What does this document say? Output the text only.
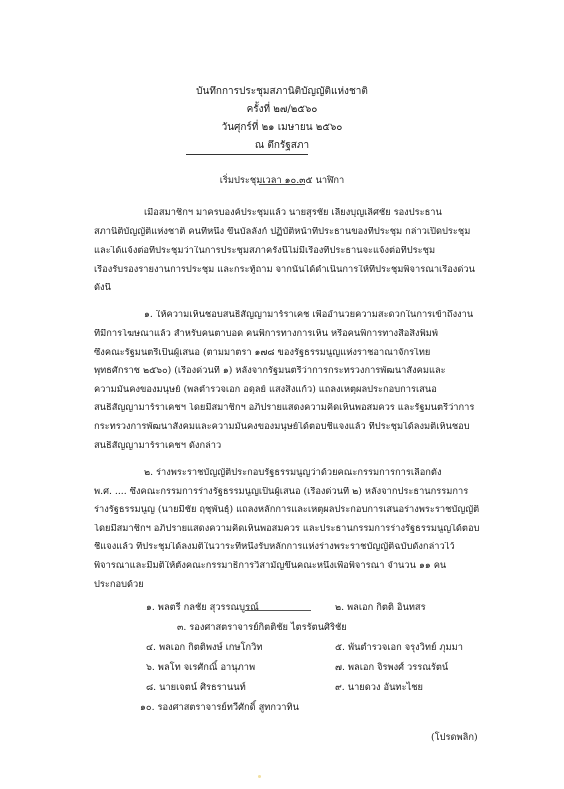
บันทึกการประชุมสภานิติบัญญัติแห่งชาติ
ครั้งที่ ๒๗/๒๕๖๐
วันศุกร์ที่ ๒๑ เมษายน ๒๕๖๐
ณ ตึกรัฐสภา
เริ่มประชุมเวลา ๑๐.๓๕ นาฬิกา
เมื่อสมาชิกฯ มาครบองค์ประชุมแล้ว นายสุรชัย เลี้ยงบุญเลิศชัย รองประธาน
สภานิติบัญญัติแห่งชาติ คนที่หนึ่ง ขึ้นบัลลังก์ ปฏิบัติหน้าที่ประธานของที่ประชุม กล่าวเปิดประชุม
และได้แจ้งต่อที่ประชุมว่าในการประชุมสภาครั้งนี้ไม่มีเรื่องที่ประธานจะแจ้งต่อที่ประชุม
เรื่องรับรองรายงานการประชุม และกระทู้ถาม จากนั้นได้ดำเนินการให้ที่ประชุมพิจารณาเรื่องด่วน
ดังนี้
๑. ให้ความเห็นชอบสนธิสัญญามาร์ราเคช เพื่ออำนวยความสะดวกในการเข้าถึงงาน
ที่มีการโฆษณาแล้ว สำหรับคนตาบอด คนพิการทางการเห็น หรือคนพิการทางสื่อสิ่งพิมพ์
ซึ่งคณะรัฐมนตรีเป็นผู้เสนอ (ตามมาตรา ๑๗๘ ของรัฐธรรมนูญแห่งราชอาณาจักรไทย
พุทธศักราช ๒๕๖๐) (เรื่องด่วนที่ ๑) หลังจากรัฐมนตรีว่าการกระทรวงการพัฒนาสังคมและ
ความมั่นคงของมนุษย์ (พลตำรวจเอก อดุลย์ แสงสิงแก้ว) แถลงเหตุผลประกอบการเสนอ
สนธิสัญญามาร์ราเคชฯ โดยมีสมาชิกฯ อภิปรายแสดงความคิดเห็นพอสมควร และรัฐมนตรีว่าการ
กระทรวงการพัฒนาสังคมและความมั่นคงของมนุษย์ได้ตอบชี้แจงแล้ว ที่ประชุมได้ลงมติเห็นชอบ
สนธิสัญญามาร์ราเคชฯ ดังกล่าว
๒. ร่างพระราชบัญญัติประกอบรัฐธรรมนูญว่าด้วยคณะกรรมการการเลือกตั้ง
พ.ศ. .... ซึ่งคณะกรรมการร่างรัฐธรรมนูญเป็นผู้เสนอ (เรื่องด่วนที่ ๒) หลังจากประธานกรรมการ
ร่างรัฐธรรมนูญ (นายมีชัย ฤชุพันธุ์) แถลงหลักการและเหตุผลประกอบการเสนอร่างพระราชบัญญัติ
โดยมีสมาชิกฯ อภิปรายแสดงความคิดเห็นพอสมควร และประธานกรรมการร่างรัฐธรรมนูญได้ตอบ
ชี้แจงแล้ว ที่ประชุมได้ลงมติในวาระที่หนึ่งรับหลักการแห่งร่างพระราชบัญญัติฉบับดังกล่าวไว้
พิจารณาและมีมติให้ตั้งคณะกรรมาธิการวิสามัญขึ้นคณะหนึ่งเพื่อพิจารณา จำนวน ๑๑ คน
ประกอบด้วย
๑. พลตรี กลชัย สุวรรณบูรณ์	๒. พลเอก กิตติ อินทสร
๓. รองศาสตราจารย์กิตติชัย ไตรรัตนศิริชัย
๔. พลเอก กิตติพงษ์ เกษโกวิท	๕. พันตำรวจเอก จรุงวิทย์ ภุมมา
๖. พลโท จเรศักณิ์ อานุภาพ	๗. พลเอก จิรพงศ์ วรรณรัตน์
๘. นายเจตน์ ศิรธรานนท์	๙. นายดวง อันทะไชย
๑๐. รองศาสตราจารย์ทวีศักดิ์ สูทกวาทิน
(โปรดพลิก)
